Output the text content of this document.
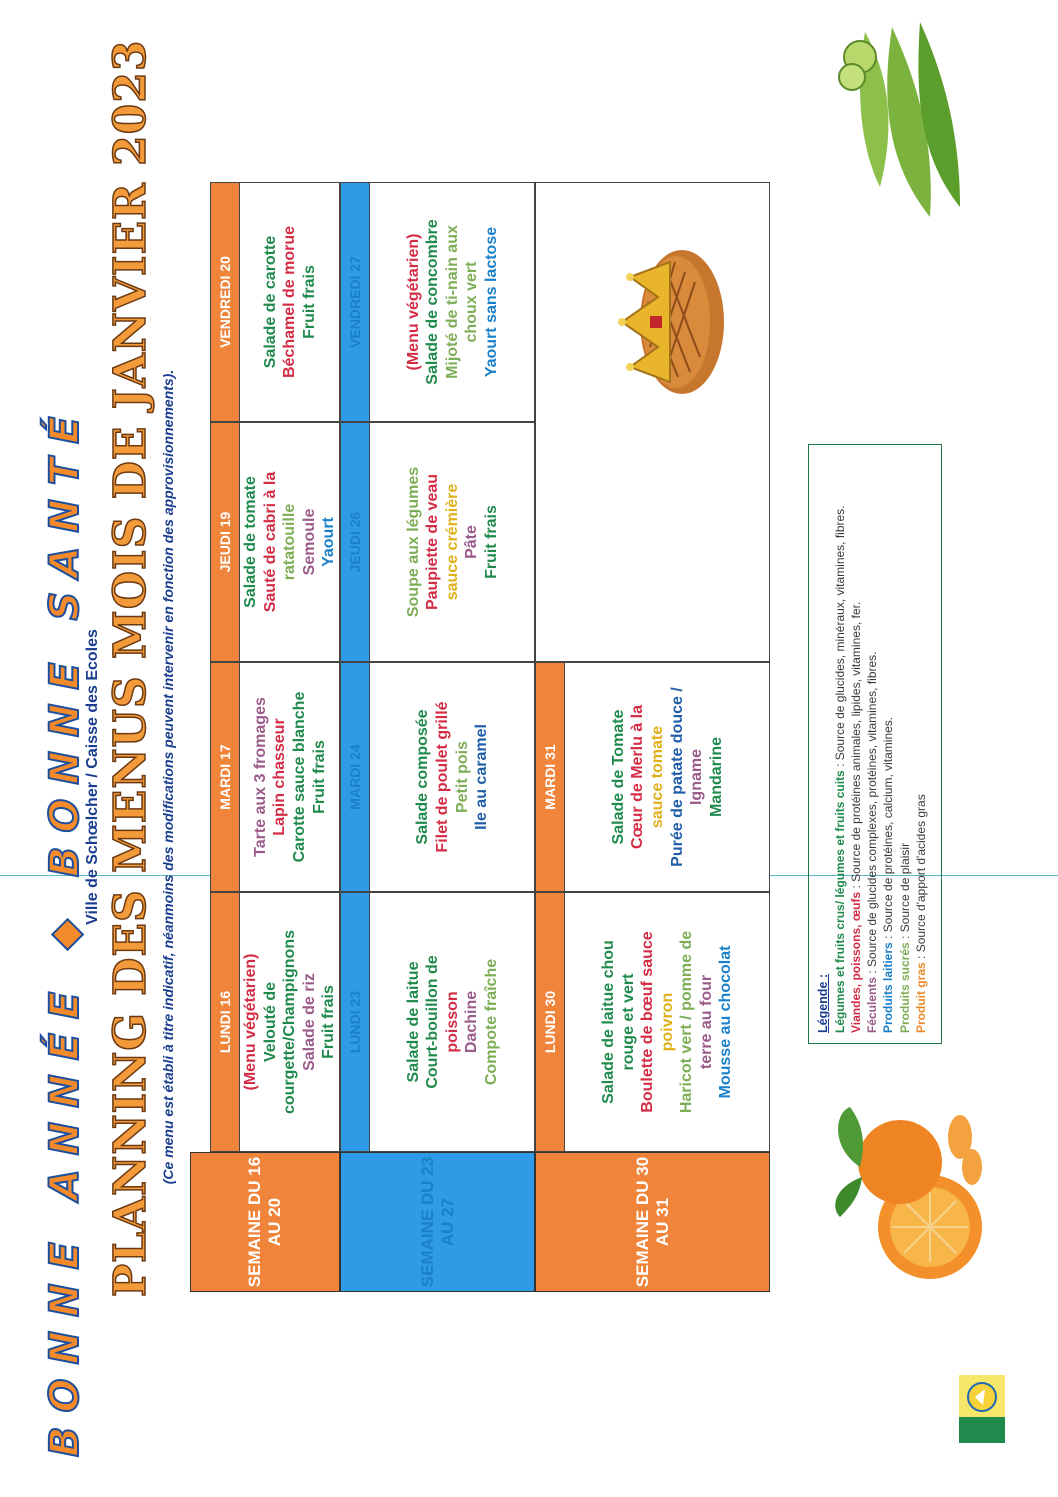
BONNE ANNÉE ◆ BONNE SANTÉ
Ville de Schœlcher / Caisse des Ecoles PLANNING DES MENUS MOIS DE JANVIER 2023 (Ce menu est établi à titre indicatif, néanmoins des modifications peuvent intervenir en fonction des approvisionnements).
SEMAINE DU 16 AU 20
LUNDI 16 (Menu végétarien) Velouté de courgette/Champignons Salade de riz Fruit frais
MARDI 17	Tarte aux 3 fromages Lapin chasseur Carotte sauce blanche Fruit frais
JEUDI 19 Salade de tomate Sauté de cabri à la ratatouille Semoule Yaourt
VENDREDI 20	Salade de carotte Béchamel de morue Fruit frais
SEMAINE DU 23 AU 27
LUNDI 23	Salade de laitue Court-bouillon de poisson Dachine Compote fraîche
MARDI 24	Salade composée Filet de poulet grillé Petit pois Ile au caramel
JEUDI 26	Soupe aux légumes Paupiette de veau sauce crémière Pâte Fruit frais
VENDREDI 27	(Menu végétarien) Salade de concombre Mijoté de ti-nain aux choux vert Yaourt sans lactose
SEMAINE DU 30 AU 31
LUNDI 30	Salade de laitue chou rouge et vert Boulette de bœuf sauce poivron Haricot vert / pomme de terre au four Mousse au chocolat
MARDI 31	Salade de Tomate Cœur de Merlu à la sauce tomate Purée de patate douce / Igname Mandarine
Légende : Légumes et fruits crus/ légumes et fruits cuits : Source de glucides, minéraux, vitamines, fibres.
Viandes, poissons, œufs : Source de protéines animales, lipides, vitamines, fer.
Féculents : Source de glucides complexes, protéines, vitamines, fibres.
Produits laitiers : Source de protéines, calcium, vitamines.
Produits sucrés : Source de plaisir
Produit gras : Source d'apport d'acides gras
